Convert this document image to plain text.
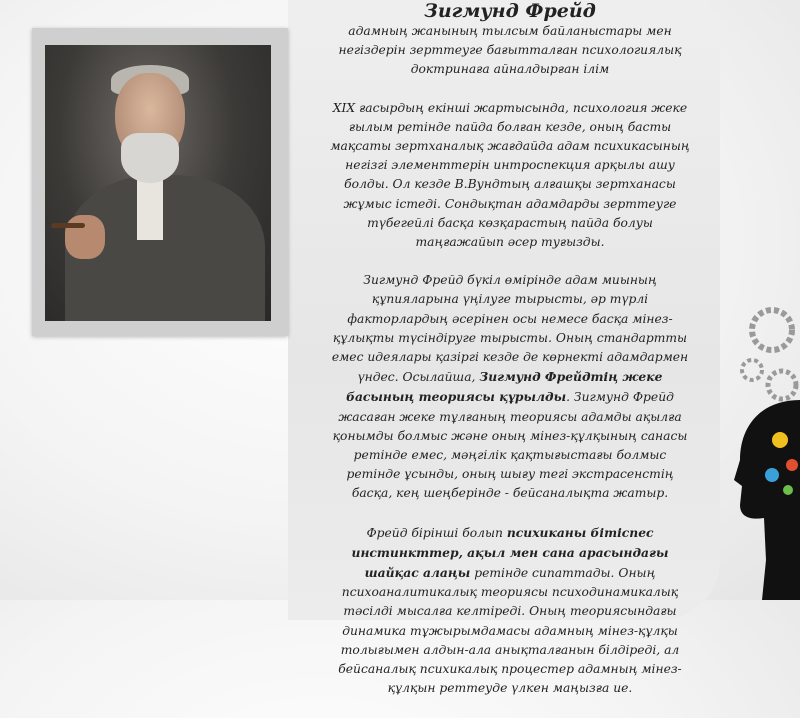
Зигмунд Фрейд

адамның жанының тылсым байланыстары мен негіздерін зерттеуге бағытталған психологиялық доктринаға айналдырған ілім

XIX ғасырдың екінші жартысында, психология жеке ғылым ретінде пайда болған кезде, оның басты мақсаты зертханалық жағдайда адам психикасының негізгі элементтерін интроспекция арқылы ашу болды. Ол кезде В.Вундтың алғашқы зертханасы жұмыс істеді. Сондықтан адамдарды зерттеуге түбегейлі басқа көзқарастың пайда болуы таңғажайып әсер туғызды.

Зигмунд Фрейд бүкіл өмірінде адам миының құпияларына үңілуге тырысты, әр түрлі факторлардың әсерінен осы немесе басқа мінез-құлықты түсіндіруге тырысты. Оның стандартты емес идеялары қазіргі кезде де көрнекті адамдармен үндес. Осылайша, Зигмунд Фрейдтің жеке басының теориясы құрылды. Зигмунд Фрейд жасаған жеке тұлғаның теориясы адамды ақылға қонымды болмыс және оның мінез-құлқының санасы ретінде емес, мәңгілік қақтығыстағы болмыс ретінде ұсынды, оның шығу тегі экстрасенстің басқа, кең шеңберінде - бейсаналықта жатыр.

Фрейд бірінші болып психиканы бітіспес инстинкттер, ақыл мен сана арасындағы шайқас алаңы ретінде сипаттады. Оның психоаналитикалық теориясы психодинамикалық тәсілді мысалға келтіреді. Оның теориясындағы динамика тұжырымдамасы адамның мінез-құлқы толығымен алдын-ала анықталғанын білдіреді, ал бейсаналық психикалық процестер адамның мінез-құлқын реттеуде үлкен маңызға ие.
